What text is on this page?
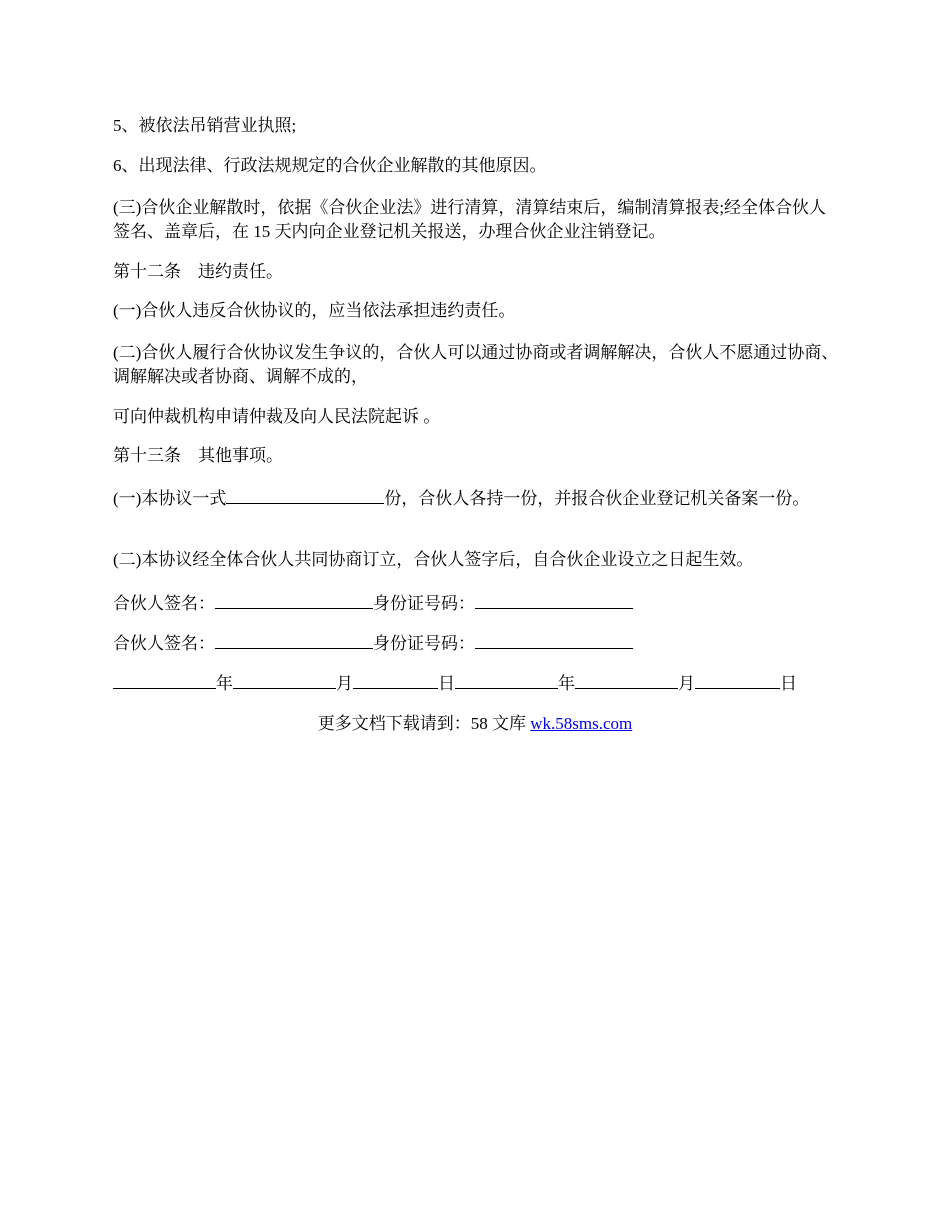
5、被依法吊销营业执照;
6、出现法律、行政法规规定的合伙企业解散的其他原因。
(三)合伙企业解散时，依据《合伙企业法》进行清算，清算结束后，编制清算报表;经全体合伙人签名、盖章后，在 15 天内向企业登记机关报送，办理合伙企业注销登记。
第十二条　违约责任。
(一)合伙人违反合伙协议的，应当依法承担违约责任。
(二)合伙人履行合伙协议发生争议的，合伙人可以通过协商或者调解解决，合伙人不愿通过协商、调解解决或者协商、调解不成的，
可向仲裁机构申请仲裁及向人民法院起诉 。
第十三条　其他事项。
(一)本协议一式	份，合伙人各持一份，并报合伙企业登记机关备案一份。
(二)本协议经全体合伙人共同协商订立，合伙人签字后，自合伙企业设立之日起生效。
合伙人签名：	身份证号码：
合伙人签名：	身份证号码：
年	月	日	年	月	日
更多文档下载请到：58 文库 wk.58sms.com
